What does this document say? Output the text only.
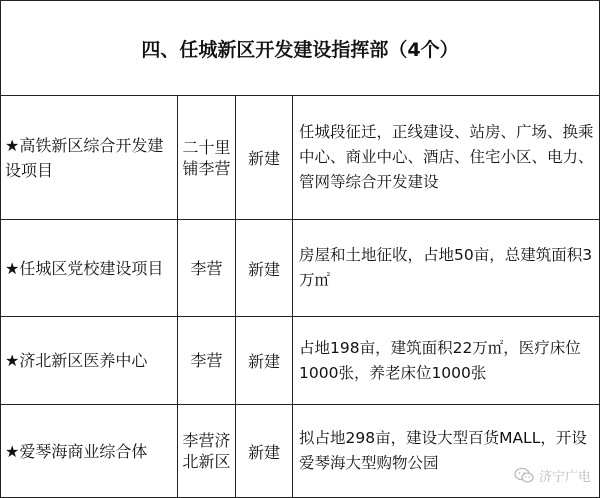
四、任城新区开发建设指挥部（4个）			
★高铁新区综合开发建设项目	二十里铺李营	新建	任城段征迁，正线建设、站房、广场、换乘中心、商业中心、酒店、住宅小区、电力、管网等综合开发建设
★任城区党校建设项目	李营	新建	房屋和土地征收，占地50亩，总建筑面积3万㎡
★济北新区医养中心	李营	新建	占地198亩，建筑面积22万㎡，医疗床位1000张，养老床位1000张
★爱琴海商业综合体	李营济北新区	新建	拟占地298亩，建设大型百货MALL，开设爱琴海大型购物公园
济宁广电
